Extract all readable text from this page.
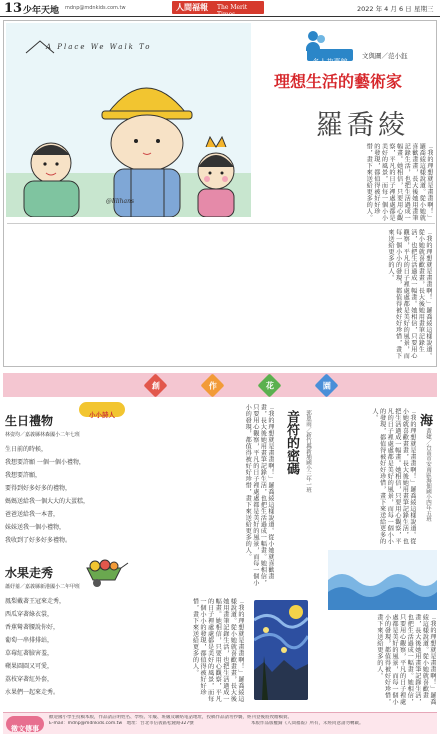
13 少年天地 mdnp@mdnkids.com.tw	人間福報 The Merit Times
2022 年 4 月 6 日 星期三
A Place We Walk To
@lilihans
名人故事館
文與圖／范小鈺
理想生活的藝術家
羅喬綾
「我的理想就是畫畫啊！」羅喬綾這樣說道。從小她就喜歡畫畫，長大後她用畫筆記錄生活，也把生活過成一幅畫。她相信，只要用心觀察，平凡的日子裡處處都是美好的風景，而每一個小小的發現，都值得被好好珍惜，畫下來送給更多的人。
「我的理想就是畫畫啊！」羅喬綾這樣說道。從小她就喜歡畫畫，長大後她用畫筆記錄生活，也把生活過成一幅畫。她相信，只要用心觀察，平凡的日子裡處處都是美好的風景，而每一個小小的發現，都值得被好好珍惜，畫下來送給更多的人。
創	作	花	園
生日禮物	小小詩人
林姿均／嘉義縣林森國小二年七班
生日前的時候，
我想要許願 一個一個小禮物，
我想要許願，
要得到好多好多的禮物，
媽媽送給我一個大大的大蛋糕，
爸爸送給我一本書，
妹妹送我一個小禮物，
我收到了好多好多禮物。
水果走秀
蕭妤蓁／嘉義縣新港國小二年甲班
鳳梨戴著王冠來走秀，
西瓜穿著綠衣裳，
香蕉彎著腰說你好，
葡萄一串排排站，
草莓紅著臉害羞，
蘋果圓圓又可愛，
荔枝穿著紅外套，
水果們一起來走秀。
「我的理想就是畫畫啊！」羅喬綾這樣說道。從小她就喜歡畫畫，長大後她用畫筆記錄生活，也把生活過成一幅畫。她相信，只要用心觀察，平凡的日子裡處處都是美好的風景，而每一個小小的發現，都值得被好好珍惜，畫下來送給更多的人。	音符的密碼	郭恩雨／新竹縣新埔國小三年一班
「我的理想就是畫畫啊！」羅喬綾這樣說道。從小她就喜歡畫畫，長大後她用畫筆記錄生活，也把生活過成一幅畫。她相信，只要用心觀察，平凡的日子裡處處都是美好的風景，而每一個小小的發現，都值得被好好珍惜，畫下來送給更多的人。
海
黃婕／台南市安南區海佃國小四年五班
「我的理想就是畫畫啊！」羅喬綾這樣說道。從小她就喜歡畫畫，長大後她用畫筆記錄生活，也把生活過成一幅畫。她相信，只要用心觀察，平凡的日子裡處處都是美好的風景，而每一個小小的發現，都值得被好好珍惜，畫下來送給更多的人。
「我的理想就是畫畫啊！」羅喬綾這樣說道。從小她就喜歡畫畫，長大後她用畫筆記錄生活，也把生活過成一幅畫。她相信，只要用心觀察，平凡的日子裡處處都是美好的風景，而每一個小小的發現，都值得被好好珍惜，畫下來送給更多的人。
徵文傳事
歡迎國小學生投稿本版，作品請註明姓名、學校、年級、班級及聯絡電話地址，投稿作品請勿抄襲，經刊登後將致贈稿費。
E-mail：mdnp@mdnkids.com.tw　地址：台北市信義區松隆路327號	本版作品版權歸《人間福報》所有，未經同意請勿轉載。
